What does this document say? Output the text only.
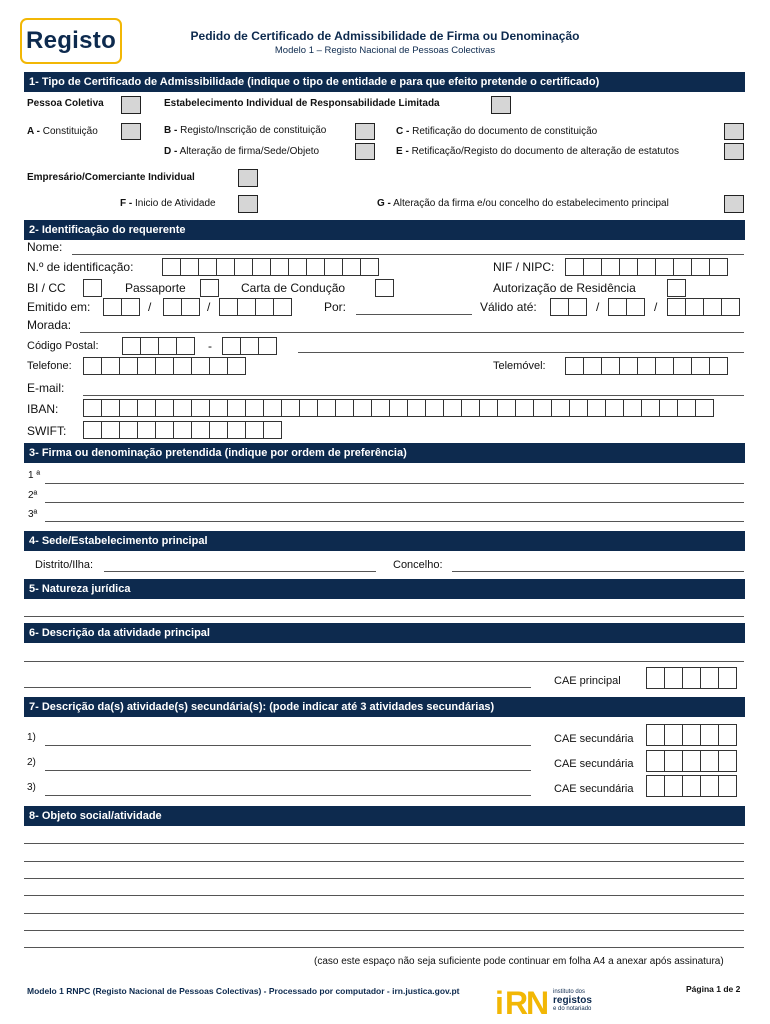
Registo	Pedido de Certificado de Admissibilidade de Firma ou Denominação
Modelo 1 – Registo Nacional de Pessoas Colectivas
1- Tipo de Certificado de Admissibilidade (indique o tipo de entidade e para que efeito pretende o certificado)
Pessoa Coletiva	Estabelecimento Individual de Responsabilidade Limitada
A - Constituição	B - Registo/Inscrição de constituição	C - Retificação do documento de constituição
D - Alteração de firma/Sede/Objeto	E - Retificação/Registo do documento de alteração de estatutos
Empresário/Comerciante Individual
F - Inicio de Atividade	G - Alteração da firma e/ou concelho do estabelecimento principal
2- Identificação do requerente
Nome:
N.º de identificação:	NIF / NIPC:
BI / CC	Passaporte	Carta de Condução	Autorização de Residência
Emitido em:	/	/	Por:	Válido até:	/	/
Morada:
Código Postal:	-
Telefone:	Telemóvel:
E-mail:
IBAN:
SWIFT:
3- Firma ou denominação pretendida (indique por ordem de preferência)
1 ª
2ª
3ª
4- Sede/Estabelecimento principal
Distrito/Ilha:	Concelho:
5- Natureza jurídica
6- Descrição da atividade principal
CAE principal
7- Descrição da(s) atividade(s) secundária(s): (pode indicar até 3 atividades secundárias)
1)	CAE secundária
2)	CAE secundária
3)	CAE secundária
8- Objeto social/atividade
(caso este espaço não seja suficiente pode continuar em folha A4 a anexar após assinatura)
Modelo 1 RNPC (Registo Nacional de Pessoas Colectivas) - Processado por computador - irn.justica.gov.pt i R
N instituto dos
registos
e do notariado
Página 1 de 2
